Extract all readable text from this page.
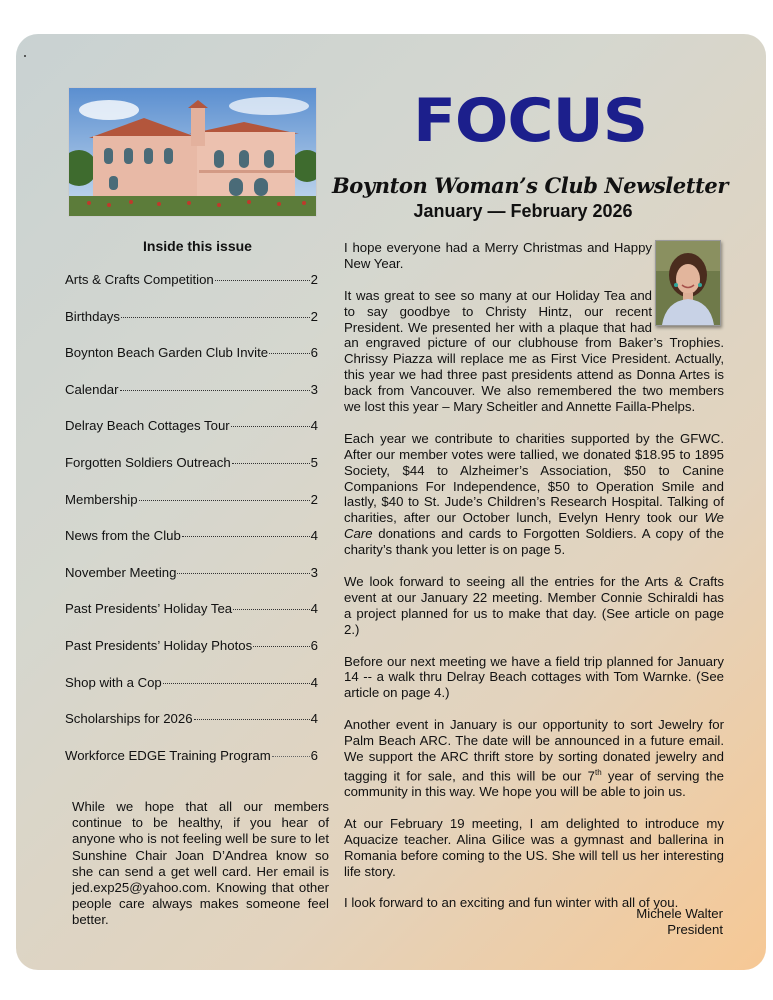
FOCUS
Boynton Woman’s Club Newsletter
January — February 2026
Inside this issue
Arts & Crafts Competition	2
Birthdays	2
Boynton Beach Garden Club Invite	6
Calendar	3
Delray Beach Cottages Tour	4
Forgotten Soldiers Outreach	5
Membership	2
News from the Club	4
November Meeting	3
Past Presidents’ Holiday Tea	4
Past Presidents’ Holiday Photos	6
Shop with a Cop	4
Scholarships for 2026	4
Workforce EDGE Training Program	6
While we hope that all our members continue to be healthy, if you hear of anyone who is not feeling well be sure to let Sunshine Chair Joan D’Andrea know so she can send a get well card. Her email is jed.exp25@yahoo.com. Knowing that other people care always makes someone feel better.

I hope everyone had a Merry Christmas and Happy New Year.

It was great to see so many at our Holiday Tea and to say goodbye to Christy Hintz, our recent President. We presented her with a plaque that had an engraved picture of our clubhouse from Baker’s Trophies. Chrissy Piazza will replace me as First Vice President. Actually, this year we had three past presidents attend as Donna Artes is back from Vancouver. We also remembered the two members we lost this year – Mary Scheitler and Annette Failla-Phelps.

Each year we contribute to charities supported by the GFWC. After our member votes were tallied, we donated $18.95 to 1895 Society, $44 to Alzheimer’s Association, $50 to Canine Companions For Independence, $50 to Operation Smile and lastly, $40 to St. Jude’s Children’s Research Hospital. Talking of charities, after our October lunch, Evelyn Henry took our We Care donations and cards to Forgotten Soldiers. A copy of the charity’s thank you letter is on page 5.

We look forward to seeing all the entries for the Arts & Crafts event at our January 22 meeting. Member Connie Schiraldi has a project planned for us to make that day. (See article on page 2.)

Before our next meeting we have a field trip planned for January 14 -- a walk thru Delray Beach cottages with Tom Warnke. (See article on page 4.)

Another event in January is our opportunity to sort Jewelry for Palm Beach ARC. The date will be announced in a future email. We support the ARC thrift store by sorting donated jewelry and tagging it for sale, and this will be our 7th year of serving the community in this way. We hope you will be able to join us.

At our February 19 meeting, I am delighted to introduce my Aquacize teacher. Alina Gilice was a gymnast and ballerina in Romania before coming to the US. She will tell us her interesting life story.

I look forward to an exciting and fun winter with all of you.

Michele Walter
President
